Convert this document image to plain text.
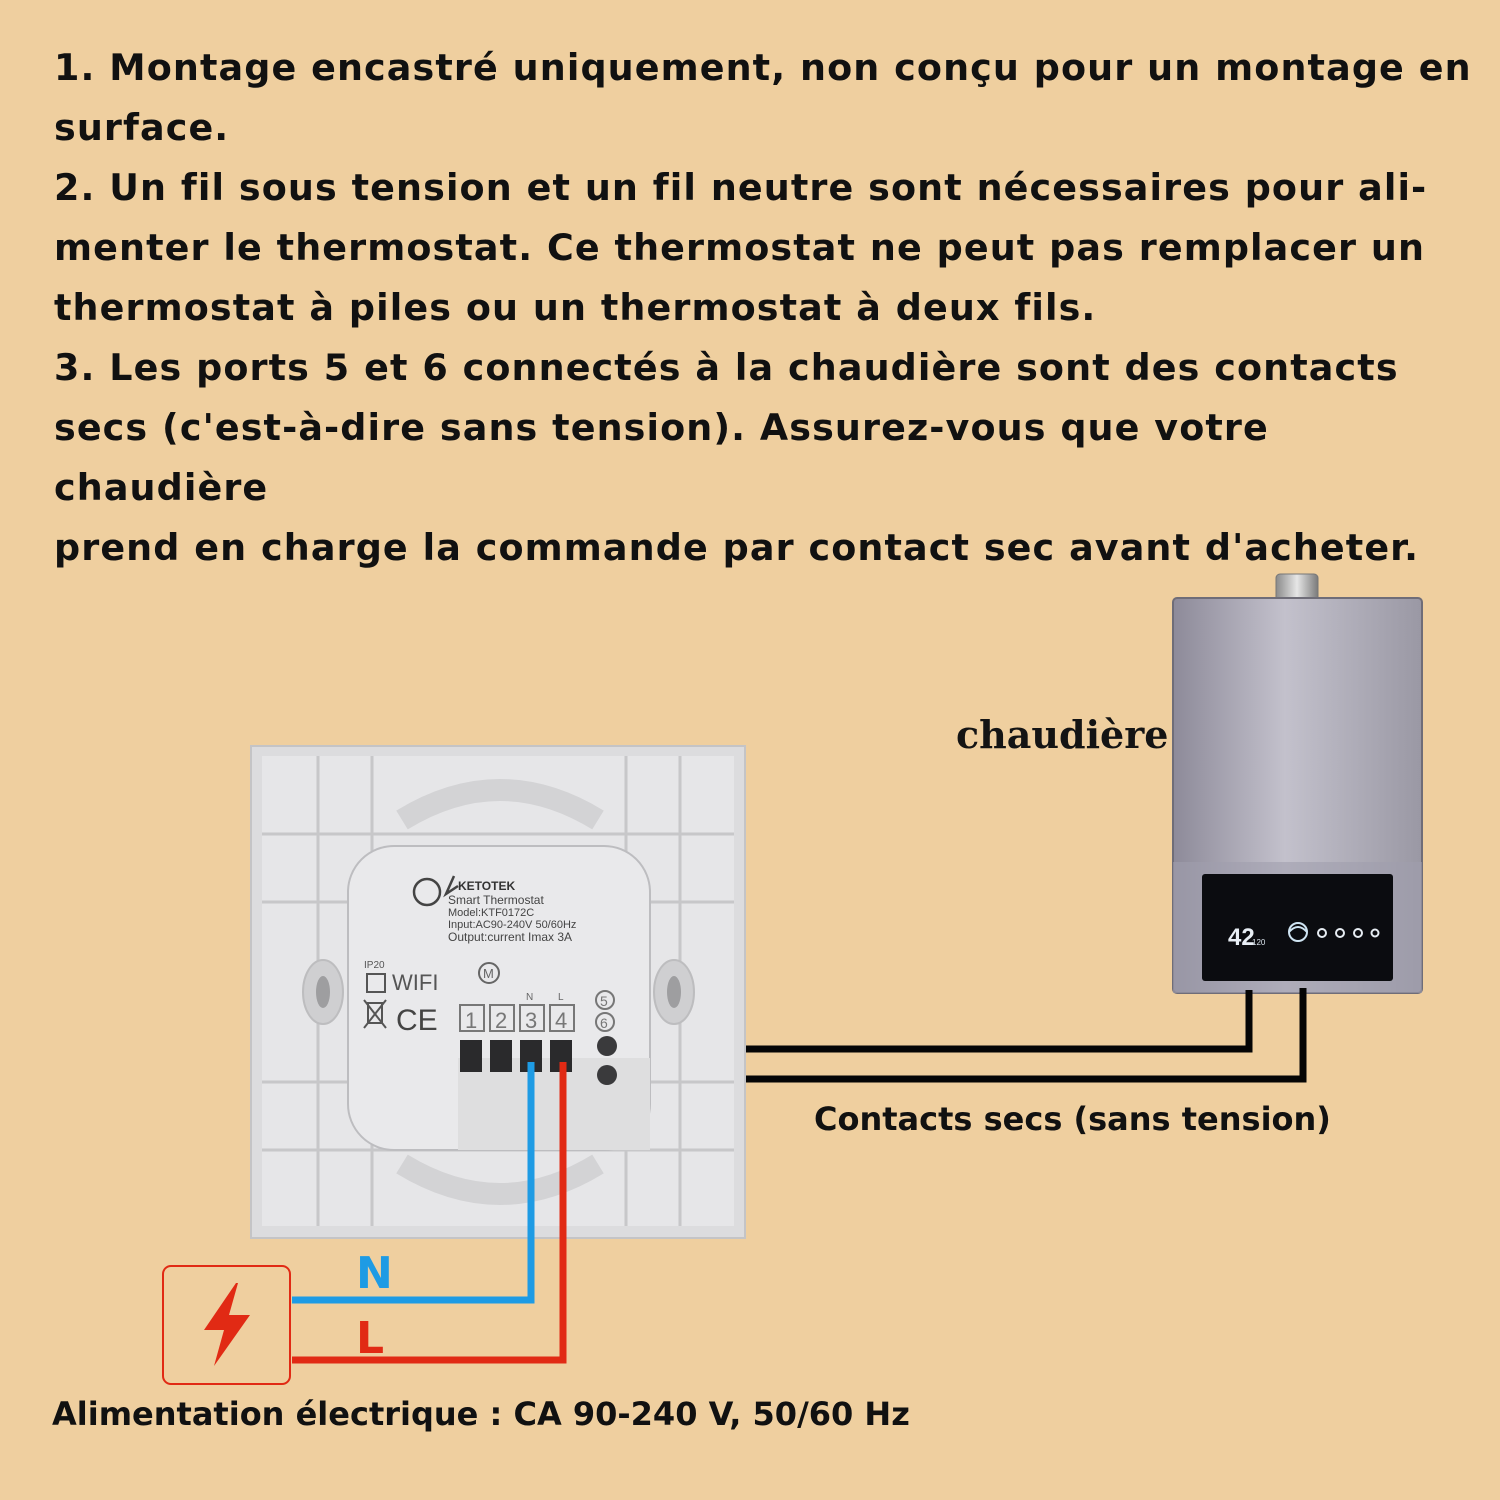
1. Montage encastré uniquement, non conçu pour un montage en
surface.
2. Un fil sous tension et un fil neutre sont nécessaires pour ali-
menter le thermostat. Ce thermostat ne peut pas remplacer un
thermostat à piles ou un thermostat à deux fils.
3. Les ports 5 et 6 connectés à la chaudière sont des contacts
secs (c'est-à-dire sans tension). Assurez-vous que votre chaudière
prend en charge la commande par contact sec avant d'acheter.
42
120
KETOTEK
Smart Thermostat
Model:KTF0172C
Input:AC90-240V 50/60Hz
Output:current Imax 3A
IP20
WIFI
CE
M
N L
1 2 3 4
5
6
chaudière
Contacts secs (sans tension)
N
L
Alimentation électrique : CA 90-240 V, 50/60 Hz
